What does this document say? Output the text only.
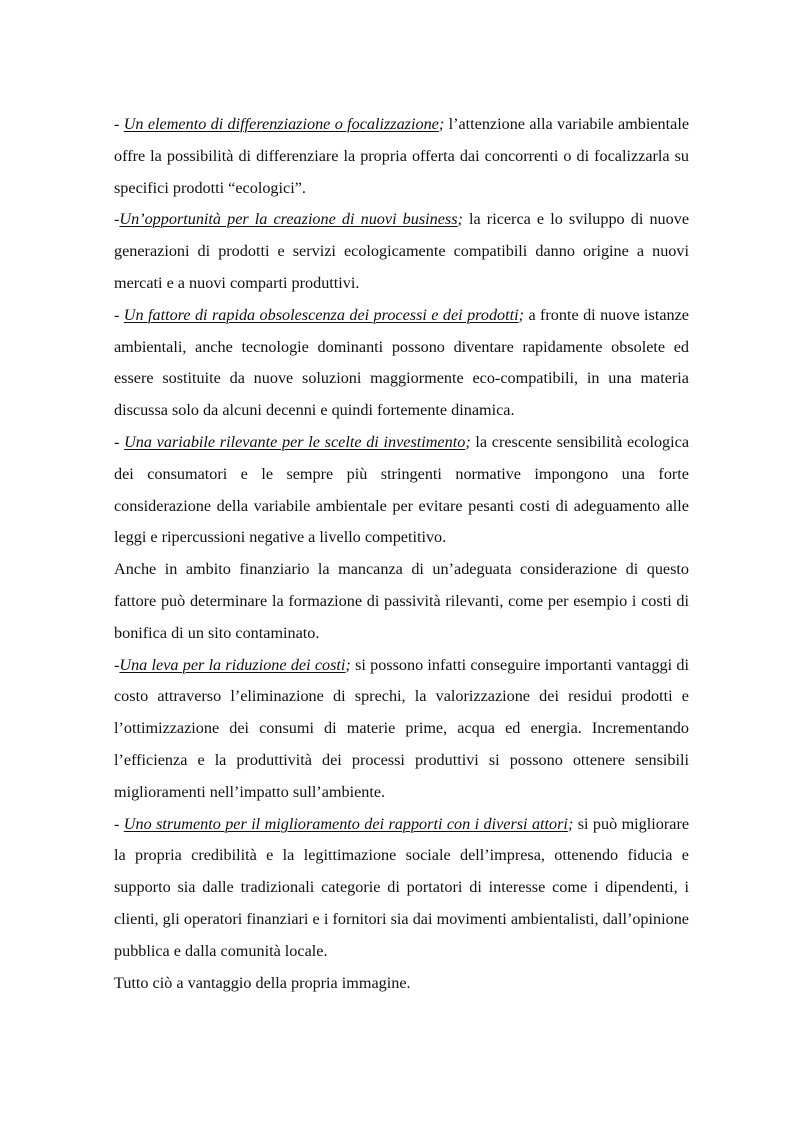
- Un elemento di differenziazione o focalizzazione; l’attenzione alla variabile ambientale offre la possibilità di differenziare la propria offerta dai concorrenti o di focalizzarla su specifici prodotti “ecologici”.

-Un’opportunità per la creazione di nuovi business; la ricerca e lo sviluppo di nuove generazioni di prodotti e servizi ecologicamente compatibili danno origine a nuovi mercati e a nuovi comparti produttivi.

- Un fattore di rapida obsolescenza dei processi e dei prodotti; a fronte di nuove istanze ambientali, anche tecnologie dominanti possono diventare rapidamente obsolete ed essere sostituite da nuove soluzioni maggiormente eco-compatibili, in una materia discussa solo da alcuni decenni e quindi fortemente dinamica.

- Una variabile rilevante per le scelte di investimento; la crescente sensibilità ecologica dei consumatori e le sempre più stringenti normative impongono una forte considerazione della variabile ambientale per evitare pesanti costi di adeguamento alle leggi e ripercussioni negative a livello competitivo.

Anche in ambito finanziario la mancanza di un’adeguata considerazione di questo fattore può determinare la formazione di passività rilevanti, come per esempio i costi di bonifica di un sito contaminato.

-Una leva per la riduzione dei costi; si possono infatti conseguire importanti vantaggi di costo attraverso l’eliminazione di sprechi, la valorizzazione dei residui prodotti e l’ottimizzazione dei consumi di materie prime, acqua ed energia. Incrementando l’efficienza e la produttività dei processi produttivi si possono ottenere sensibili miglioramenti nell’impatto sull’ambiente.

- Uno strumento per il miglioramento dei rapporti con i diversi attori; si può migliorare la propria credibilità e la legittimazione sociale dell’impresa, ottenendo fiducia e supporto sia dalle tradizionali categorie di portatori di interesse come i dipendenti, i clienti, gli operatori finanziari e i fornitori sia dai movimenti ambientalisti, dall’opinione pubblica e dalla comunità locale.

Tutto ciò a vantaggio della propria immagine.
